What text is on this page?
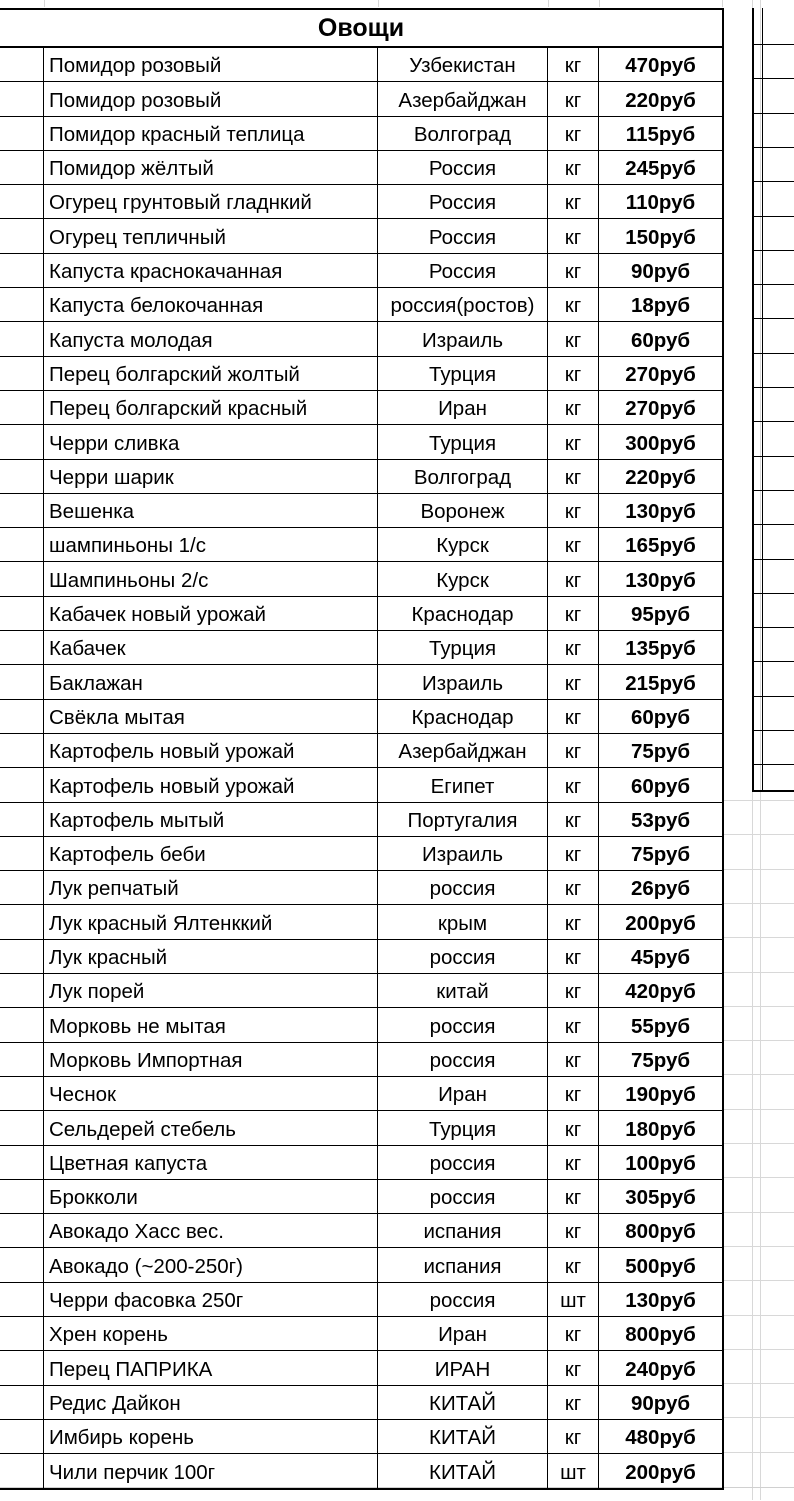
Овощи
Помидор розовый	Узбекистан	кг	470руб
Помидор розовый	Азербайджан	кг	220руб
Помидор красный теплица	Волгоград	кг	115руб
Помидор жёлтый	Россия	кг	245руб
Огурец грунтовый гладнкий	Россия	кг	110руб
Огурец тепличный	Россия	кг	150руб
Капуста краснокачанная	Россия	кг	90руб
Капуста белокочанная	россия(ростов)	кг	18руб
Капуста молодая	Израиль	кг	60руб
Перец болгарский жолтый	Турция	кг	270руб
Перец болгарский красный	Иран	кг	270руб
Черри сливка	Турция	кг	300руб
Черри шарик	Волгоград	кг	220руб
Вешенка	Воронеж	кг	130руб
шампиньоны 1/с	Курск	кг	165руб
Шампиньоны 2/с	Курск	кг	130руб
Кабачек новый урожай	Краснодар	кг	95руб
Кабачек	Турция	кг	135руб
Баклажан	Израиль	кг	215руб
Свёкла мытая	Краснодар	кг	60руб
Картофель новый урожай	Азербайджан	кг	75руб
Картофель новый урожай	Египет	кг	60руб
Картофель мытый	Португалия	кг	53руб
Картофель беби	Израиль	кг	75руб
Лук репчатый	россия	кг	26руб
Лук красный Ялтенккий	крым	кг	200руб
Лук красный	россия	кг	45руб
Лук порей	китай	кг	420руб
Морковь не мытая	россия	кг	55руб
Морковь Импортная	россия	кг	75руб
Чеснок	Иран	кг	190руб
Сельдерей стебель	Турция	кг	180руб
Цветная капуста	россия	кг	100руб
Брокколи	россия	кг	305руб
Авокадо Хасс вес.	испания	кг	800руб
Авокадо (~200-250г)	испания	кг	500руб
Черри фасовка 250г	россия	шт	130руб
Хрен корень	Иран	кг	800руб
Перец ПАПРИКА	ИРАН	кг	240руб
Редис Дайкон	КИТАЙ	кг	90руб
Имбирь корень	КИТАЙ	кг	480руб
Чили перчик 100г	КИТАЙ	шт	200руб
